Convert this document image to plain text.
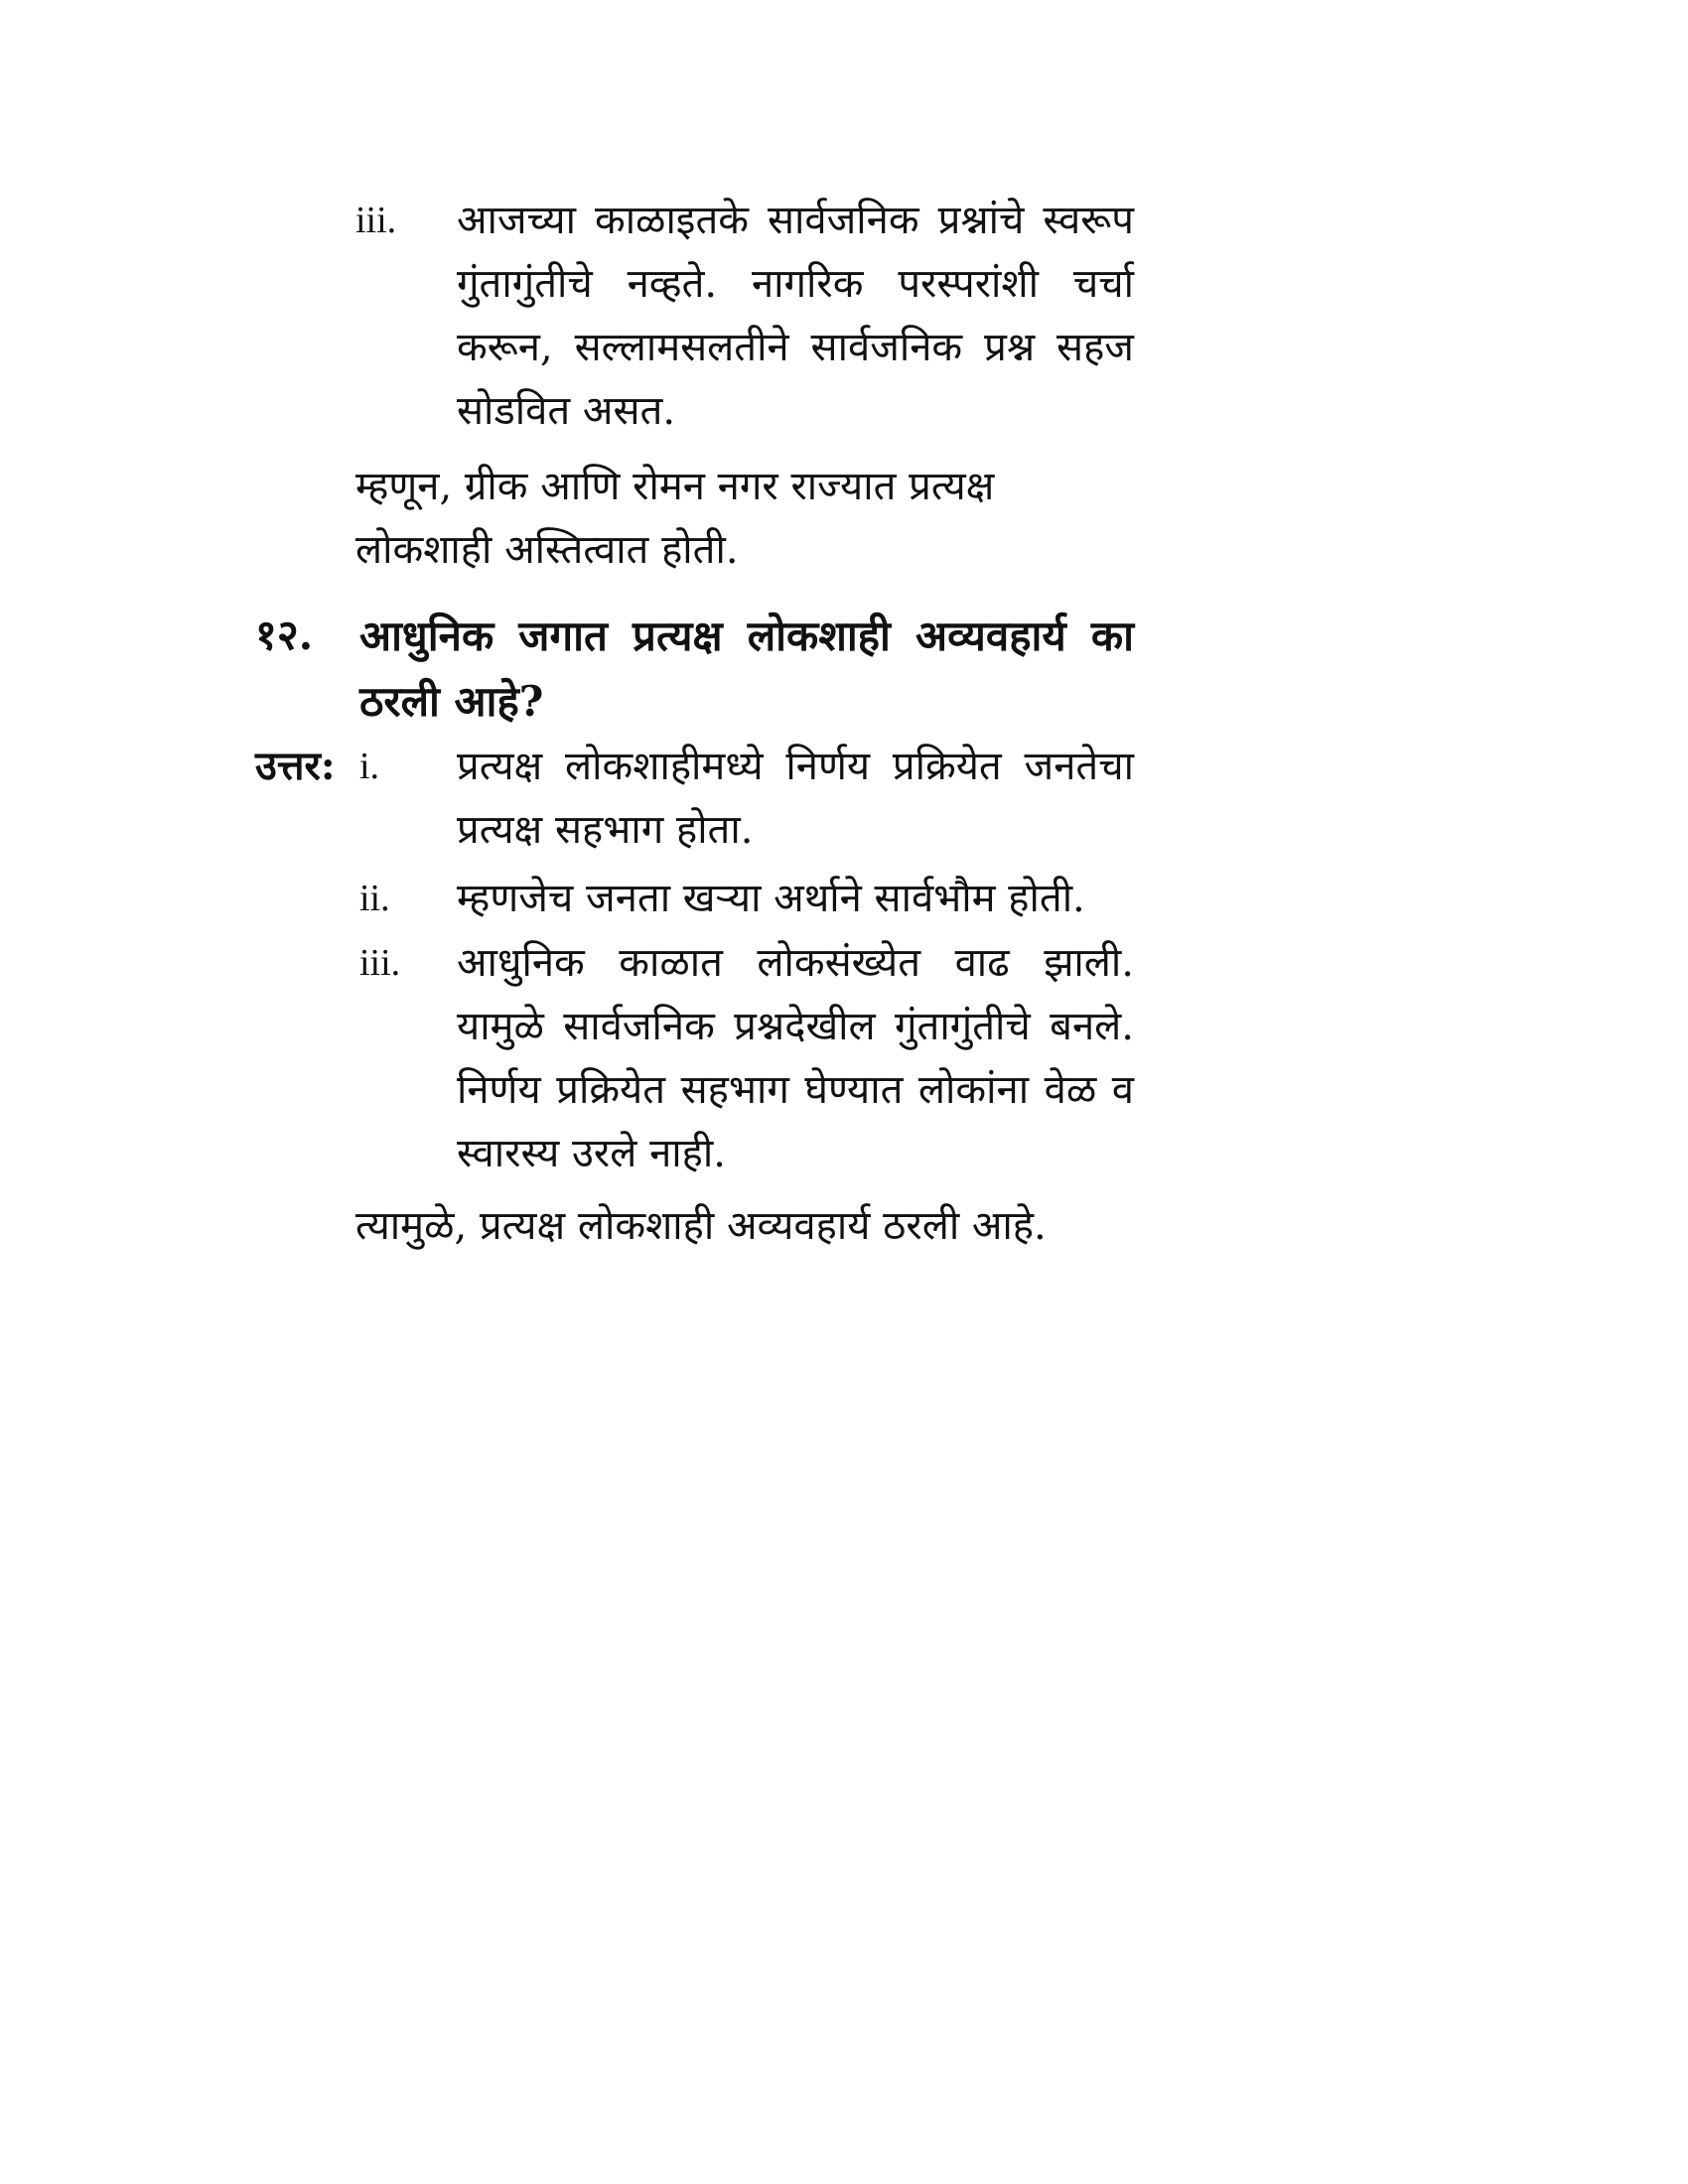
iii. आजच्या काळाइतके सार्वजनिक प्रश्नांचे स्वरूप गुंतागुंतीचे नव्हते. नागरिक परस्परांशी चर्चा करून, सल्लामसलतीने सार्वजनिक प्रश्न सहज सोडवित असत.
म्हणून, ग्रीक आणि रोमन नगर राज्यात प्रत्यक्ष लोकशाही अस्तित्वात होती.
१२. आधुनिक जगात प्रत्यक्ष लोकशाही अव्यवहार्य का ठरली आहे?
उत्तर: i. प्रत्यक्ष लोकशाहीमध्ये निर्णय प्रक्रियेत जनतेचा प्रत्यक्ष सहभाग होता.
ii. म्हणजेच जनता खऱ्या अर्थाने सार्वभौम होती.
iii. आधुनिक काळात लोकसंख्येत वाढ झाली. यामुळे सार्वजनिक प्रश्नदेखील गुंतागुंतीचे बनले. निर्णय प्रक्रियेत सहभाग घेण्यात लोकांना वेळ व स्वारस्य उरले नाही.
त्यामुळे, प्रत्यक्ष लोकशाही अव्यवहार्य ठरली आहे.
